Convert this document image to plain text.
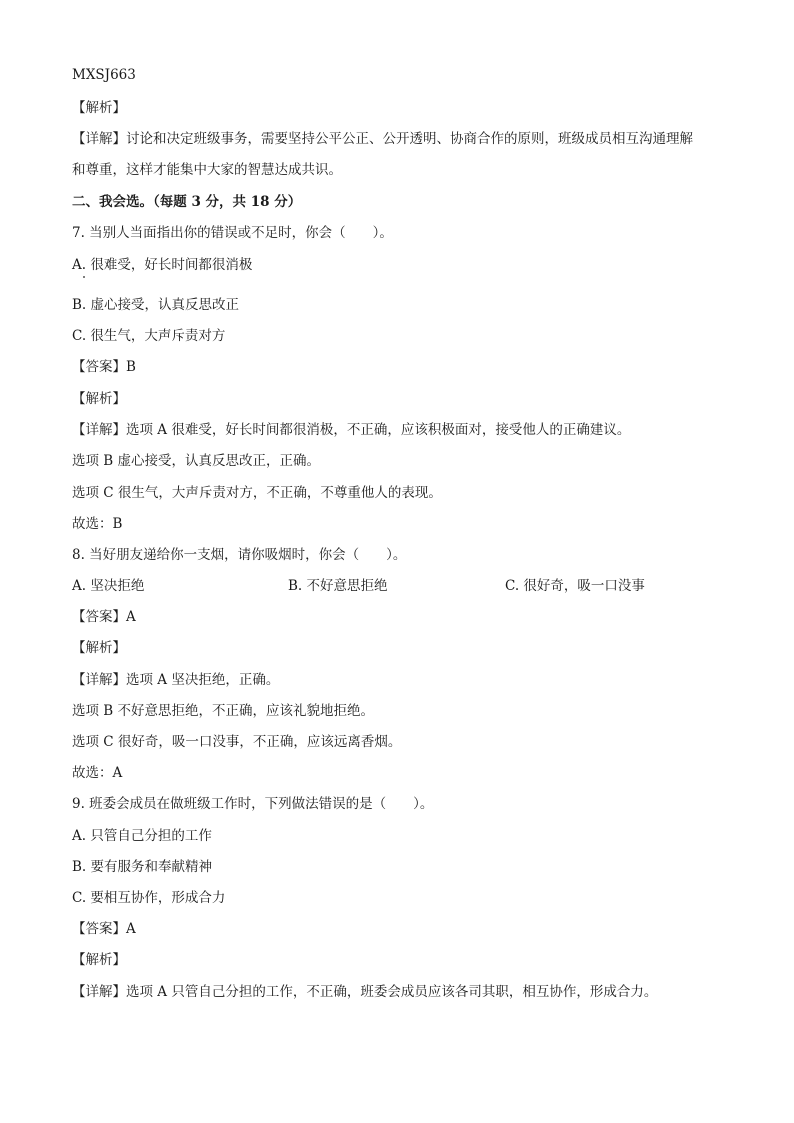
MXSJ663
【解析】
【详解】讨论和决定班级事务，需要坚持公平公正、公开透明、协商合作的原则，班级成员相互沟通理解
和尊重，这样才能集中大家的智慧达成共识。
二、我会选。（每题 3 分，共 18 分）
7. 当别人当面指出你的错误或不足时，你会（　　）。
A. 很难受，好长时间都很消极
B. 虚心接受，认真反思改正
C. 很生气，大声斥责对方
【答案】B
【解析】
【详解】选项 A 很难受，好长时间都很消极，不正确，应该积极面对，接受他人的正确建议。
选项 B 虚心接受，认真反思改正，正确。
选项 C 很生气，大声斥责对方，不正确，不尊重他人的表现。
故选：B
8. 当好朋友递给你一支烟，请你吸烟时，你会（　　）。
A. 坚决拒绝	B. 不好意思拒绝	C. 很好奇，吸一口没事
【答案】A
【解析】
【详解】选项 A 坚决拒绝，正确。
选项 B 不好意思拒绝，不正确，应该礼貌地拒绝。
选项 C 很好奇，吸一口没事，不正确，应该远离香烟。
故选：A
9. 班委会成员在做班级工作时，下列做法错误的是（　　）。
A. 只管自己分担的工作
B. 要有服务和奉献精神
C. 要相互协作，形成合力
【答案】A
【解析】
【详解】选项 A 只管自己分担的工作，不正确，班委会成员应该各司其职，相互协作，形成合力。
